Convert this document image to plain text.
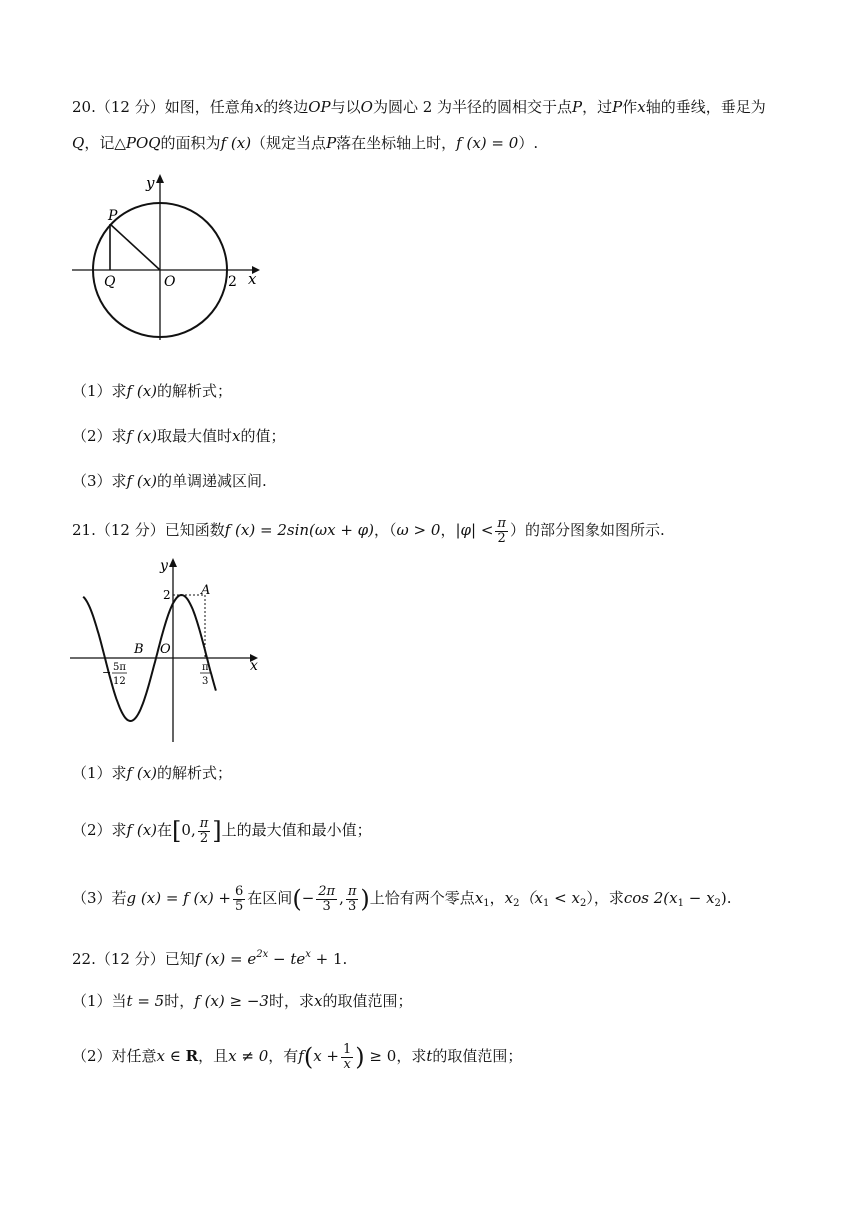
20.（12 分）如图，任意角x的终边OP与以O为圆心 2 为半径的圆相交于点P，过P作x轴的垂线，垂足为
Q，记△POQ的面积为f (x)（规定当点P落在坐标轴上时，f (x) = 0）.
y
x
P
Q	O	2
（1）求f (x)的解析式；
（2）求f (x)取最大值时x的值；
（3）求f (x)的单调递减区间.
21.（12 分）已知函数f (x) = 2sin(ωx + φ)，（ω > 0，$|\varphi| < \frac{\pi}{2}$ ）的部分图象如图所示.
y
x
2 A
B O
− 5π
12
π
3
（1）求f (x)的解析式；
（2）求f (x)在[0, $\frac{\pi}{2}$ ]上的最大值和最小值；
（3）若g (x) = f $(x) + \frac{6}{5}$ 在区间(− $\frac{2\pi}{3}$ , $\frac{\pi}{3}$ )上恰有两个零点$x_1$，$x_2(x_1 < x_2)$，求$\cos 2(x_1 - x_2)$.
22.（12 分）已知f $(x) = e^{2x} - te^x + 1$.
（1）当t = 5时，f (x) ≥ −3时，求x的取值范围；
（2）对任意x ∈ R，且x ≠ 0，有$f(x + \frac{1}{x}$ ) ≥ 0，求t的取值范围；
